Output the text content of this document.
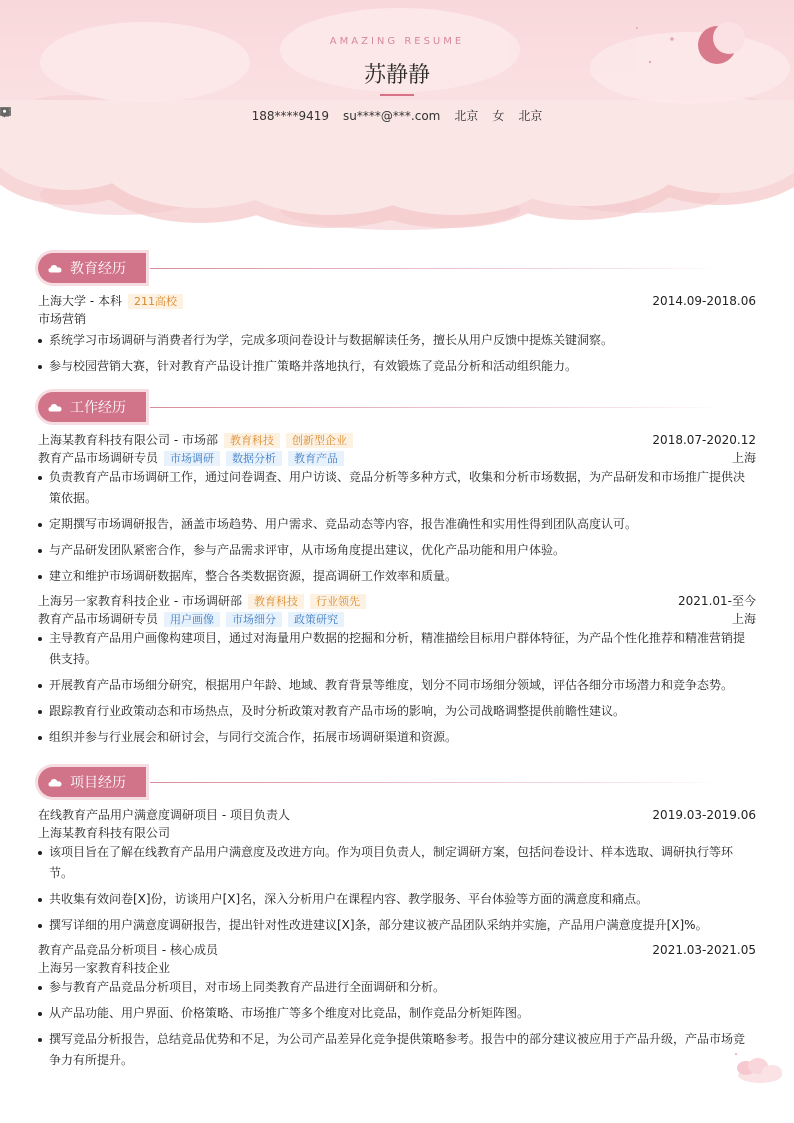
AMAZING RESUME
苏静静
188****9419 su****@***.com 北京 女 北京
教育经历
上海大学 - 本科	211高校	2014.09-2018.06
市场营销
系统学习市场调研与消费者行为学，完成多项问卷设计与数据解读任务，擅长从用户反馈中提炼关键洞察。
参与校园营销大赛，针对教育产品设计推广策略并落地执行，有效锻炼了竞品分析和活动组织能力。
工作经历
上海某教育科技有限公司 - 市场部	教育科技	创新型企业	2018.07-2020.12
教育产品市场调研专员	市场调研	数据分析	教育产品	上海
负责教育产品市场调研工作，通过问卷调查、用户访谈、竞品分析等多种方式，收集和分析市场数据，为产品研发和市场推广提供决策依据。
定期撰写市场调研报告，涵盖市场趋势、用户需求、竞品动态等内容，报告准确性和实用性得到团队高度认可。
与产品研发团队紧密合作，参与产品需求评审，从市场角度提出建议，优化产品功能和用户体验。
建立和维护市场调研数据库，整合各类数据资源，提高调研工作效率和质量。
上海另一家教育科技企业 - 市场调研部	教育科技	行业领先	2021.01-至今
教育产品市场调研专员	用户画像	市场细分	政策研究	上海
主导教育产品用户画像构建项目，通过对海量用户数据的挖掘和分析，精准描绘目标用户群体特征，为产品个性化推荐和精准营销提供支持。
开展教育产品市场细分研究，根据用户年龄、地域、教育背景等维度，划分不同市场细分领域，评估各细分市场潜力和竞争态势。
跟踪教育行业政策动态和市场热点，及时分析政策对教育产品市场的影响，为公司战略调整提供前瞻性建议。
组织并参与行业展会和研讨会，与同行交流合作，拓展市场调研渠道和资源。
项目经历
在线教育产品用户满意度调研项目 - 项目负责人	2019.03-2019.06
上海某教育科技有限公司
该项目旨在了解在线教育产品用户满意度及改进方向。作为项目负责人，制定调研方案，包括问卷设计、样本选取、调研执行等环节。
共收集有效问卷[X]份，访谈用户[X]名，深入分析用户在课程内容、教学服务、平台体验等方面的满意度和痛点。
撰写详细的用户满意度调研报告，提出针对性改进建议[X]条，部分建议被产品团队采纳并实施，产品用户满意度提升[X]%。
教育产品竞品分析项目 - 核心成员	2021.03-2021.05
上海另一家教育科技企业
参与教育产品竞品分析项目，对市场上同类教育产品进行全面调研和分析。
从产品功能、用户界面、价格策略、市场推广等多个维度对比竞品，制作竞品分析矩阵图。
撰写竞品分析报告，总结竞品优势和不足，为公司产品差异化竞争提供策略参考。报告中的部分建议被应用于产品升级，产品市场竞争力有所提升。
